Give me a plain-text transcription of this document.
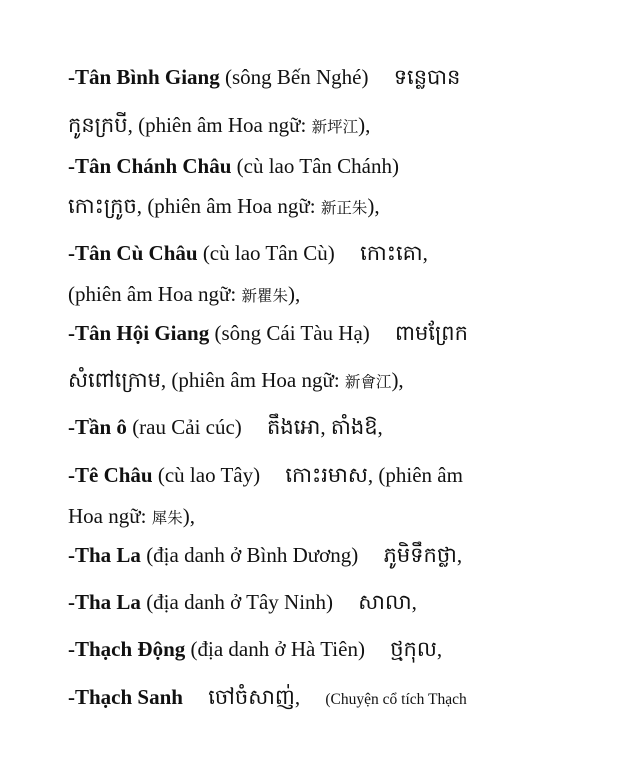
-Tân Bình Giang (sông Bến Nghé) ទន្លេបាន
កូនក្របី, (phiên âm Hoa ngữ: 新坪江),
-Tân Chánh Châu (cù lao Tân Chánh)
កោះក្រូច, (phiên âm Hoa ngữ: 新正朱),
-Tân Cù Châu (cù lao Tân Cù) កោះគោ,
(phiên âm Hoa ngữ: 新瞿朱),
-Tân Hội Giang (sông Cái Tàu Hạ) ពាមព្រែក
សំពៅក្រោម, (phiên âm Hoa ngữ: 新會江),
-Tần ô (rau Cải cúc) តឹងអោ, តាំងឱ,
-Tê Châu (cù lao Tây) កោះរមាស, (phiên âm
Hoa ngữ: 犀朱),
-Tha La (địa danh ở Bình Dương) ភូមិទឹកថ្លា,
-Tha La (địa danh ở Tây Ninh) សាលា,
-Thạch Động (địa danh ở Hà Tiên) ថ្មកុល,
-Thạch Sanh ចៅចំសាញ់, (Chuyện cổ tích Thạch
